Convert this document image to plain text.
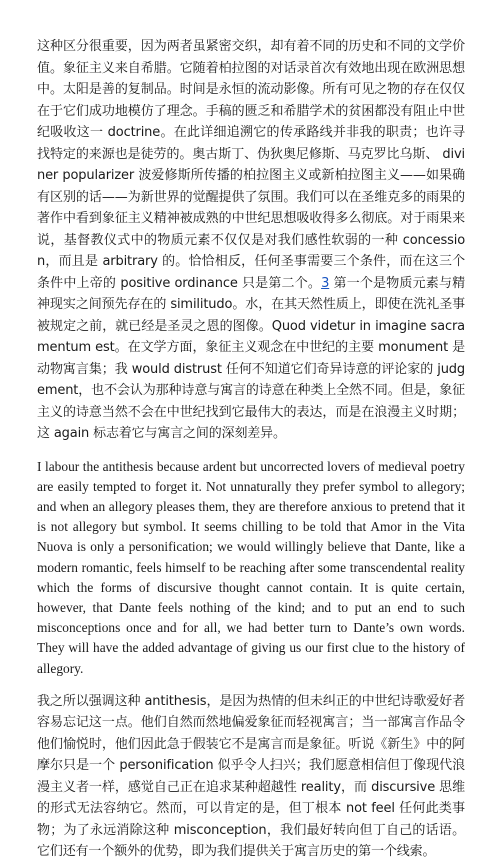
这种区分很重要，因为两者虽紧密交织，却有着不同的历史和不同的文学价值。象征主义来自希腊。它随着柏拉图的对话录首次有效地出现在欧洲思想中。太阳是善的复制品。时间是永恒的流动影像。所有可见之物的存在仅仅在于它们成功地模仿了理念。手稿的匮乏和希腊学术的贫困都没有阻止中世纪吸收这一 doctrine。在此详细追溯它的传承路线并非我的职责；也许寻找特定的来源也是徒劳的。奥古斯丁、伪狄奥尼修斯、马克罗比乌斯、 diviner popularizer 波爱修斯所传播的柏拉图主义或新柏拉图主义——如果确有区别的话——为新世界的觉醒提供了氛围。我们可以在圣维克多的雨果的著作中看到象征主义精神被成熟的中世纪思想吸收得多么彻底。对于雨果来说，基督教仪式中的物质元素不仅仅是对我们感性软弱的一种 concession，而且是 arbitrary 的。恰恰相反，任何圣事需要三个条件，而在这三个条件中上帝的 positive ordinance 只是第二个。3 第一个是物质元素与精神现实之间预先存在的 similitudo。水，在其天然性质上，即使在洗礼圣事被规定之前，就已经是圣灵之恩的图像。Quod videtur in imagine sacramentum est。在文学方面，象征主义观念在中世纪的主要 monument 是动物寓言集；我 would distrust 任何不知道它们奇异诗意的评论家的 judgement，也不会认为那种诗意与寓言的诗意在种类上全然不同。但是，象征主义的诗意当然不会在中世纪找到它最伟大的表达，而是在浪漫主义时期；这 again 标志着它与寓言之间的深刻差异。

I labour the antithesis because ardent but uncorrected lovers of medieval poetry are easily tempted to forget it. Not unnaturally they prefer symbol to allegory; and when an allegory pleases them, they are therefore anxious to pretend that it is not allegory but symbol. It seems chilling to be told that Amor in the Vita Nuova is only a personification; we would willingly believe that Dante, like a modern romantic, feels himself to be reaching after some transcendental reality which the forms of discursive thought cannot contain. It is quite certain, however, that Dante feels nothing of the kind; and to put an end to such misconceptions once and for all, we had better turn to Dante’s own words. They will have the added advantage of giving us our first clue to the history of allegory.

我之所以强调这种 antithesis，是因为热情的但未纠正的中世纪诗歌爱好者容易忘记这一点。他们自然而然地偏爱象征而轻视寓言；当一部寓言作品令他们愉悦时，他们因此急于假装它不是寓言而是象征。听说《新生》中的阿摩尔只是一个 personification 似乎令人扫兴；我们愿意相信但丁像现代浪漫主义者一样，感觉自己正在追求某种超越性 reality，而 discursive 思维的形式无法容纳它。然而，可以肯定的是，但丁根本 not feel 任何此类事物；为了永远消除这种 misconception，我们最好转向但丁自己的话语。它们还有一个额外的优势，即为我们提供关于寓言历史的第一个线索。
